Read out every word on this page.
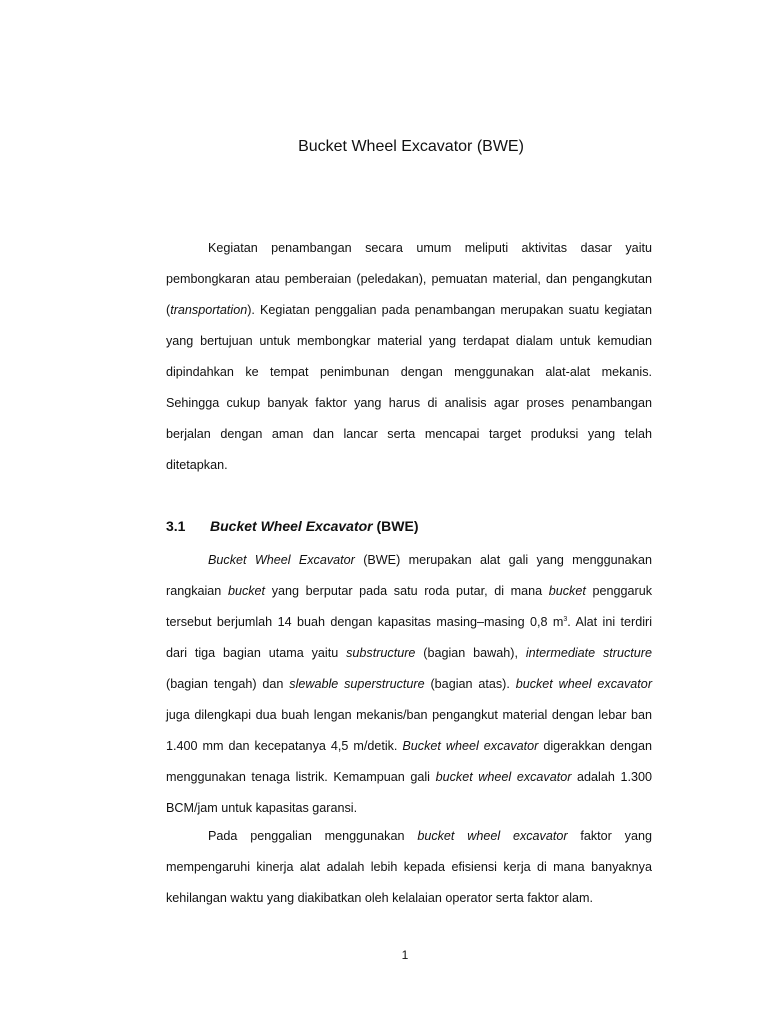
Bucket Wheel Excavator (BWE)

Kegiatan penambangan secara umum meliputi aktivitas dasar yaitu pembongkaran atau pemberaian (peledakan), pemuatan material, dan pengangkutan (transportation). Kegiatan penggalian pada penambangan merupakan suatu kegiatan yang bertujuan untuk membongkar material yang terdapat dialam untuk kemudian dipindahkan ke tempat penimbunan dengan menggunakan alat-alat mekanis. Sehingga cukup banyak faktor yang harus di analisis agar proses penambangan berjalan dengan aman dan lancar serta mencapai target produksi yang telah ditetapkan.

3.1 Bucket Wheel Excavator (BWE)

Bucket Wheel Excavator (BWE) merupakan alat gali yang menggunakan rangkaian bucket yang berputar pada satu roda putar, di mana bucket penggaruk tersebut berjumlah 14 buah dengan kapasitas masing–masing 0,8 $m^3$. Alat ini terdiri dari tiga bagian utama yaitu substructure (bagian bawah), intermediate structure (bagian tengah) dan slewable superstructure (bagian atas). bucket wheel excavator juga dilengkapi dua buah lengan mekanis/ban pengangkut material dengan lebar ban 1.400 mm dan kecepatanya 4,5 m/detik. Bucket wheel excavator digerakkan dengan menggunakan tenaga listrik. Kemampuan gali bucket wheel excavator adalah 1.300 BCM/jam untuk kapasitas garansi.

Pada penggalian menggunakan bucket wheel excavator faktor yang mempengaruhi kinerja alat adalah lebih kepada efisiensi kerja di mana banyaknya kehilangan waktu yang diakibatkan oleh kelalaian operator serta faktor alam.

1
